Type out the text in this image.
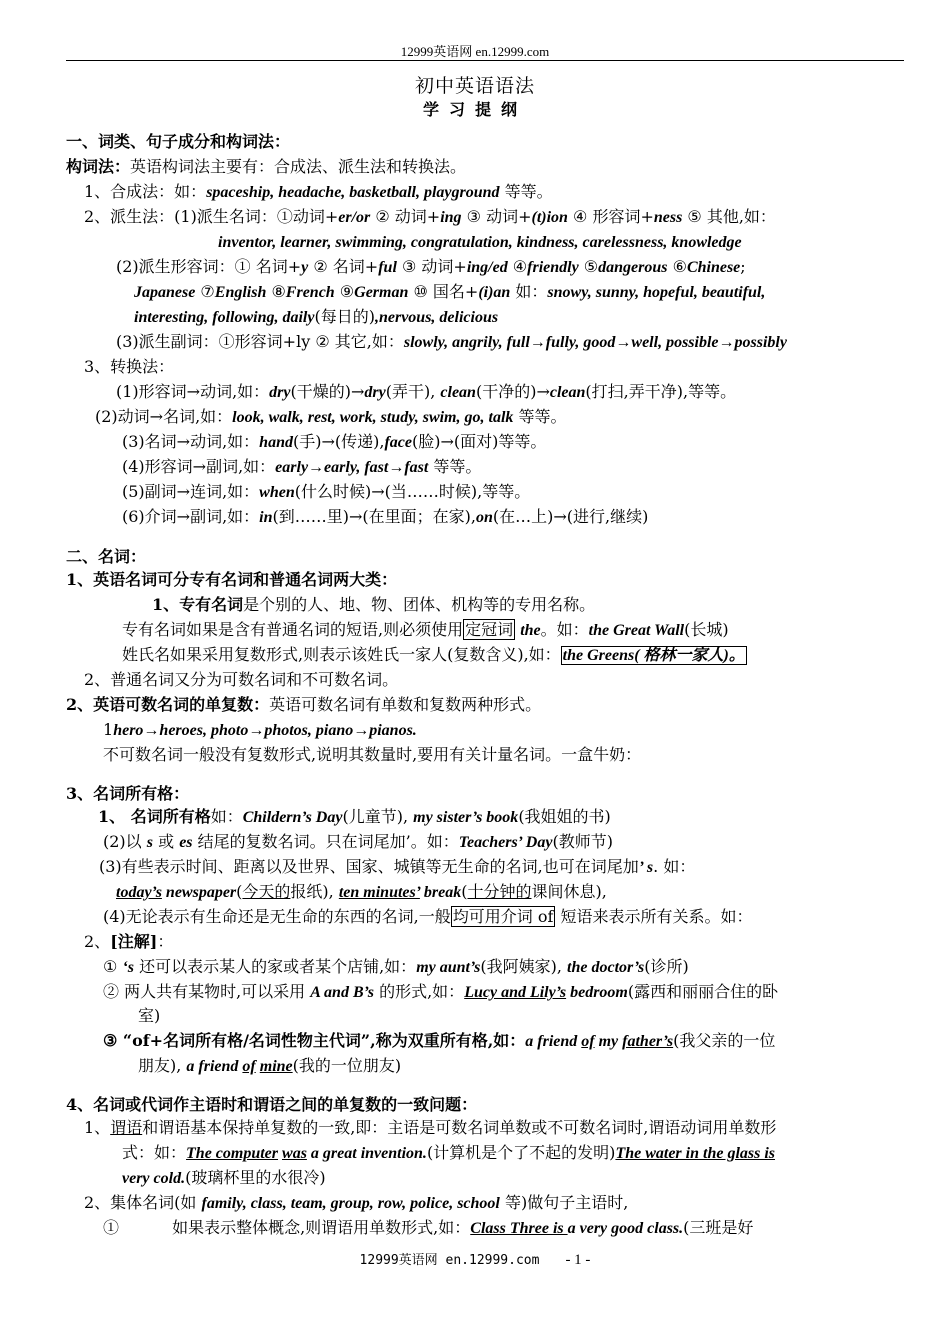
12999英语网 en.12999.com
初中英语语法
学习提纲
一、词类、句子成分和构词法：
构词法：英语构词法主要有：合成法、派生法和转换法。
1、合成法：如：spaceship, headache, basketball, playground 等等。
2、派生法：(1)派生名词：①动词+er/or ② 动词+ing ③ 动词+(t)ion ④ 形容词+ness ⑤ 其他,如：
inventor, learner, swimming, congratulation, kindness, carelessness, knowledge
(2)派生形容词：① 名词+y ② 名词+ful ③ 动词+ing/ed ④friendly ⑤dangerous ⑥Chinese;
Japanese ⑦English ⑧French ⑨German ⑩ 国名+(i)an 如：snowy, sunny, hopeful, beautiful,
interesting, following, daily(每日的),nervous, delicious
(3)派生副词：①形容词+ly ② 其它,如：slowly, angrily, full→fully, good→well, possible→possibly
3、转换法：
(1)形容词→动词,如：dry(干燥的)→dry(弄干), clean(干净的)→clean(打扫,弄干净),等等。
(2)动词→名词,如：look, walk, rest, work, study, swim, go, talk 等等。
(3)名词→动词,如：hand(手)→(传递),face(脸)→(面对)等等。
(4)形容词→副词,如：early→early, fast→fast 等等。
(5)副词→连词,如：when(什么时候)→(当……时候),等等。
(6)介词→副词,如：in(到……里)→(在里面；在家),on(在…上)→(进行,继续)
二、名词：
1、英语名词可分专有名词和普通名词两大类：
1、专有名词是个别的人、地、物、团体、机构等的专用名称。
专有名词如果是含有普通名词的短语,则必须使用 定冠词 the。如：the Great Wall(长城)
姓氏名如果采用复数形式,则表示该姓氏一家人(复数含义),如： the Greens( 格林一家人)。
2、普通名词又分为可数名词和不可数名词。
2、英语可数名词的单复数：英语可数名词有单数和复数两种形式。
1hero→heroes, photo→photos, piano→pianos.
不可数名词一般没有复数形式,说明其数量时,要用有关计量名词。一盒牛奶：
3、名词所有格：
1、 名词所有格如：Childern’s Day(儿童节), my sister’s book(我姐姐的书)
(2)以 s 或 es 结尾的复数名词。只在词尾加’。如：Teachers’ Day(教师节)
(3)有些表示时间、距离以及世界、国家、城镇等无生命的名词,也可在词尾加’ s. 如：
today’s newspaper(今天的报纸), ten minutes’ break(十分钟的课间休息),
(4)无论表示有生命还是无生命的东西的名词,一般 均可用介词 of 短语来表示所有关系。如：
2、[注解]：
① ‘s 还可以表示某人的家或者某个店铺,如：my aunt’s(我阿姨家), the doctor’s(诊所)
② 两人共有某物时,可以采用 A and B’s 的形式,如：Lucy and Lily’s bedroom(露西和丽丽合住的卧
室)
③ “of+名词所有格/名词性物主代词”,称为双重所有格,如：a friend of my father’s(我父亲的一位
朋友), a friend of mine(我的一位朋友)
4、名词或代词作主语时和谓语之间的单复数的一致问题：
1、谓语和谓语基本保持单复数的一致,即：主语是可数名词单数或不可数名词时,谓语动词用单数形
式：如：The computer was a great invention.(计算机是个了不起的发明)The water in the glass is
very cold.(玻璃杯里的水很冷)
2、集体名词(如 family, class, team, group, row, police, school 等)做句子主语时,
①　　　 如果表示整体概念,则谓语用单数形式,如：Class Three is a very good class.(三班是好
12999英语网 en.12999.com - 1 -
